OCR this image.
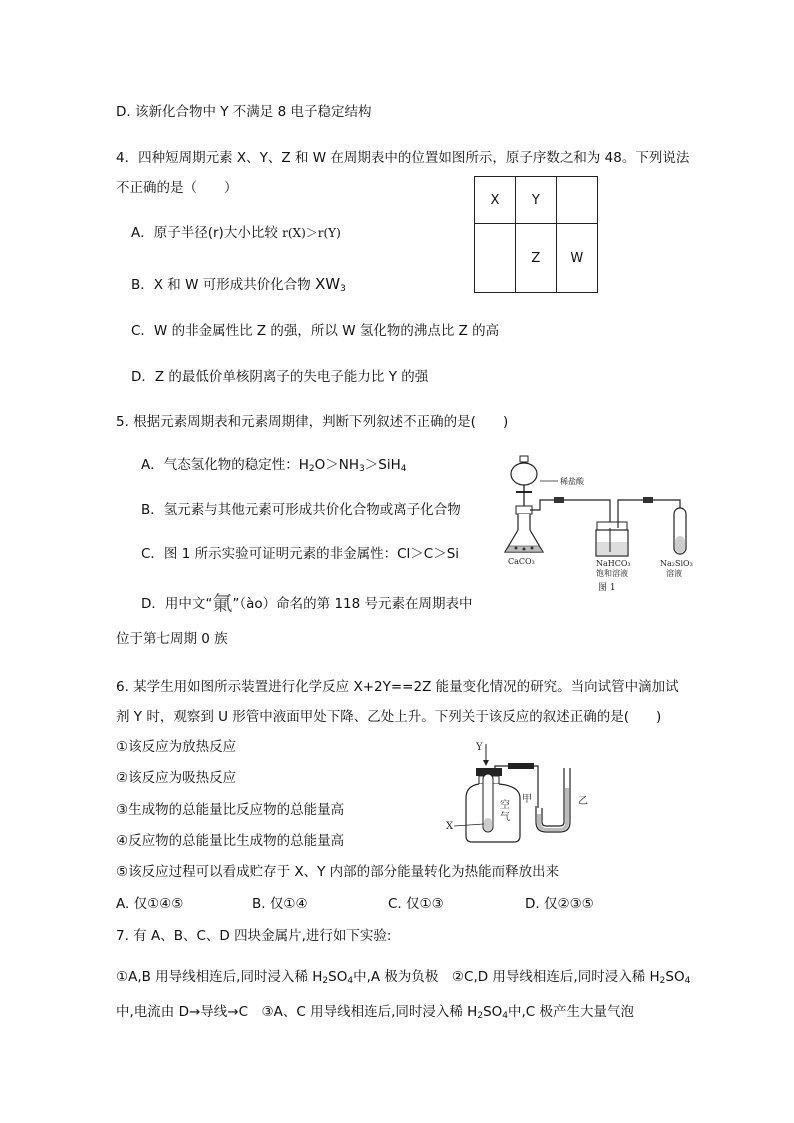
D. 该新化合物中 Y 不满足 8 电子稳定结构
4．四种短周期元素 X、Y、Z 和 W 在周期表中的位置如图所示，原子序数之和为 48。下列说法
不正确的是（　　）
X	Y	
	Z	W
A．原子半径(r)大小比较 r(X)＞r(Y)
B．X 和 W 可形成共价化合物 XW3
C．W 的非金属性比 Z 的强，所以 W 氢化物的沸点比 Z 的高
D．Z 的最低价单核阴离子的失电子能力比 Y 的强
5. 根据元素周期表和元素周期律，判断下列叙述不正确的是(　　)
A．气态氢化物的稳定性：H2O＞NH3＞SiH4
B．氢元素与其他元素可形成共价化合物或离子化合物
C．图 1 所示实验可证明元素的非金属性：Cl＞C＞Si
D．用中文“氭”（ào）命名的第 118 号元素在周期表中
位于第七周期 0 族
稀盐酸
CaCO₃	NaHCO₃
饱和溶液
Na₂SiO₃
溶液
图 1
6. 某学生用如图所示装置进行化学反应 X+2Y==2Z 能量变化情况的研究。当向试管中滴加试
剂 Y 时，观察到 U 形管中液面甲处下降、乙处上升。下列关于该反应的叙述正确的是(　　)
①该反应为放热反应
②该反应为吸热反应
③生成物的总能量比反应物的总能量高
④反应物的总能量比生成物的总能量高
⑤该反应过程可以看成贮存于 X、Y 内部的部分能量转化为热能而释放出来
A. 仅①④⑤	B. 仅①④	C. 仅①③	D. 仅②③⑤
Y
空
气
X
甲	乙
7. 有 A、B、C、D 四块金属片,进行如下实验:
①A,B 用导线相连后,同时浸入稀 H2SO4中,A 极为负极　②C,D 用导线相连后,同时浸入稀 H2SO4
中,电流由 D→导线→C　③A、C 用导线相连后,同时浸入稀 H2SO4中,C 极产生大量气泡
